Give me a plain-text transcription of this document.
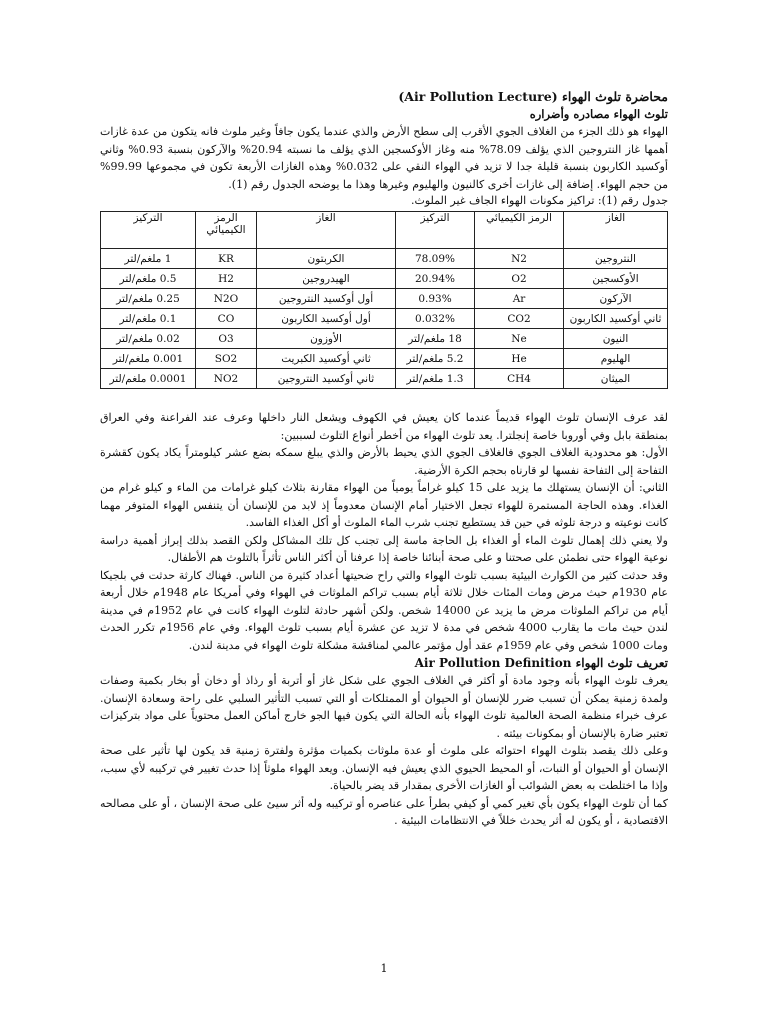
محاضرة تلوث الهواء (Air Pollution Lecture)
تلوث الهواء مصادره وأضراره

الهواء هو ذلك الجزء من الغلاف الجوي الأقرب إلى سطح الأرض والذي عندما يكون جافاً وغير ملوث فانه يتكون من عدة غازات أهمها غاز النتروجين الذي يؤلف 78.09% منه وغاز الأوكسجين الذي يؤلف ما نسبته 20.94% والآركون بنسبة 0.93% وثاني أوكسيد الكاربون بنسبة قليلة جدا لا تزيد في الهواء النقي على 0.032% وهذه الغازات الأربعة تكون في مجموعها 99.99% من حجم الهواء. إضافة إلى غازات أخرى كالنيون والهليوم وغيرها وهذا ما يوضحه الجدول رقم (1).

جدول رقم (1): تراكيز مكونات الهواء الجاف غير الملوث.
الغاز	الرمز الكيميائي	التركيز	الغاز	الرمز الكيميائي	التركيز
النتروجين	N2	78.09%	الكربتون	KR	1 ملغم/لتر
الأوكسجين	O2	20.94%	الهيدروجين	H2	0.5 ملغم/لتر
الآركون	Ar	0.93%	أول أوكسيد النتروجين	N2O	0.25 ملغم/لتر
ثاني أوكسيد الكاربون	CO2	0.032%	أول أوكسيد الكاربون	CO	0.1 ملغم/لتر
النيون	Ne	18 ملغم/لتر	الأوزون	O3	0.02 ملغم/لتر
الهليوم	He	5.2 ملغم/لتر	ثاني أوكسيد الكبريت	SO2	0.001 ملغم/لتر
الميثان	CH4	1.3 ملغم/لتر	ثاني أوكسيد النتروجين	NO2	0.0001 ملغم/لتر

لقد عرف الإنسان تلوث الهواء قديماً عندما كان يعيش في الكهوف ويشعل النار داخلها وعرف عند الفراعنة وفي العراق بمنطقة بابل وفي أوروبا خاصة إنجلترا. يعد تلوث الهواء من أخطر أنواع التلوث لسببين:

الأول: هو محدودية الغلاف الجوي فالغلاف الجوي الذي يحيط بالأرض والذي يبلغ سمكه بضع عشر كيلومتراً يكاد يكون كقشرة التفاحة إلى التفاحة نفسها لو قارناه بحجم الكرة الأرضية.

الثاني: أن الإنسان يستهلك ما يزيد على 15 كيلو غراماً يومياً من الهواء مقارنة بثلاث كيلو غرامات من الماء و كيلو غرام من الغذاء. وهذه الحاجة المستمرة للهواء تجعل الاختيار أمام الإنسان معدوماً إذ لابد من للإنسان أن يتنفس الهواء المتوفر مهما كانت نوعيته و درجة تلوثه في حين قد يستطيع تجنب شرب الماء الملوث أو أكل الغذاء الفاسد.

ولا يعني ذلك إهمال تلوث الماء أو الغذاء بل الحاجة ماسة إلى تجنب كل تلك المشاكل ولكن القصد بذلك إبراز أهمية دراسة نوعية الهواء حتى نطمئن على صحتنا و على صحة أبنائنا خاصة إذا عرفنا أن أكثر الناس تأثراً بالتلوث هم الأطفال.

وقد حدثت كثير من الكوارث البيئية بسبب تلوث الهواء والتي راح ضحيتها أعداد كثيرة من الناس. فهناك كارثة حدثت في بلجيكا عام 1930م حيث مرض ومات المئات خلال ثلاثة أيام بسبب تراكم الملوثات في الهواء وفي أمريكا عام 1948م خلال أربعة أيام من تراكم الملوثات مرض ما يزيد عن 14000 شخص. ولكن أشهر حادثة لتلوث الهواء كانت في عام 1952م في مدينة لندن حيث مات ما يقارب 4000 شخص في مدة لا تزيد عن عشرة أيام بسبب تلوث الهواء. وفي عام 1956م تكرر الحدث ومات 1000 شخص وفي عام 1959م عقد أول مؤتمر عالمي لمناقشة مشكلة تلوث الهواء في مدينة لندن.

تعريف تلوث الهواء Air Pollution Definition

يعرف تلوث الهواء بأنه وجود مادة أو أكثر في الغلاف الجوي على شكل غاز أو أتربة أو رذاذ أو دخان أو بخار بكمية وصفات ولمدة زمنية يمكن أن تسبب ضرر للإنسان أو الحيوان أو الممتلكات أو التي تسبب التأثير السلبي على راحة وسعادة الإنسان. عرف خبراء منظمة الصحة العالمية تلوث الهواء بأنه الحالة التي يكون فيها الجو خارج أماكن العمل محتوياً على مواد بتركيزات تعتبر ضارة بالإنسان أو بمكونات بيئته .

وعلى ذلك يقصد بتلوث الهواء احتوائه على ملوث أو عدة ملوثات بكميات مؤثرة ولفترة زمنية قد يكون لها تأثير على صحة الإنسان أو الحيوان أو النبات، أو المحيط الحيوي الذي يعيش فيه الإنسان. ويعد الهواء ملوثاً إذا حدث تغيير في تركيبه لأي سبب، وإذا ما اختلطت به بعض الشوائب أو الغازات الأخرى بمقدار قد يضر بالحياة.

كما أن تلوث الهواء يكون بأي تغير كمي أو كيفي بطرأ على عناصره أو تركيبه وله أثر سيئ على صحة الإنسان ، أو على مصالحه الاقتصادية ، أو يكون له أثر يحدث خللاً في الانتظامات البيئية .

1
